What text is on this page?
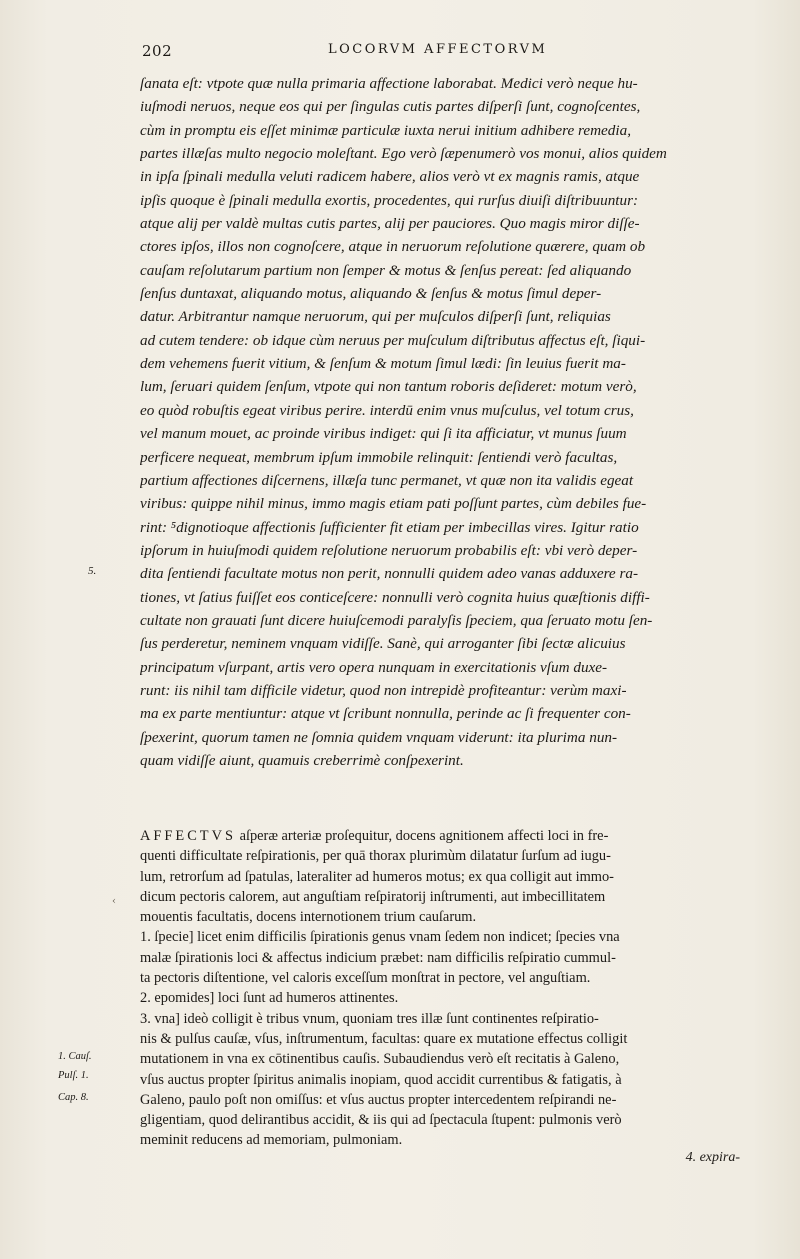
202	LOCORVM AFFECTORVM
ſanata eſt: vtpote quæ nulla primaria affectione laborabat. Medici verò neque hu-
iuſmodi neruos, neque eos qui per ſingulas cutis partes diſperſi ſunt, cognoſcentes,
cùm in promptu eis eſſet minimæ particulæ iuxta nerui initium adhibere remedia,
partes illæſas multo negocio moleſtant. Ego verò ſæpenumerò vos monui, alios quidem
in ipſa ſpinali medulla veluti radicem habere, alios verò vt ex magnis ramis, atque
ipſis quoque è ſpinali medulla exortis, procedentes, qui rurſus diuiſi diſtribuuntur:
atque alij per valdè multas cutis partes, alij per pauciores. Quo magis miror diſſe-
ctores ipſos, illos non cognoſcere, atque in neruorum reſolutione quærere, quam ob
cauſam reſolutarum partium non ſemper & motus & ſenſus pereat: ſed aliquando
ſenſus duntaxat, aliquando motus, aliquando & ſenſus & motus ſimul deper-
datur. Arbitrantur namque neruorum, qui per muſculos diſperſi ſunt, reliquias
ad cutem tendere: ob idque cùm neruus per muſculum diſtributus affectus eſt, ſiqui-
dem vehemens fuerit vitium, & ſenſum & motum ſimul lædi: ſin leuius fuerit ma-
lum, ſeruari quidem ſenſum, vtpote qui non tantum roboris deſideret: motum verò,
eo quòd robuſtis egeat viribus perire. interdū enim vnus muſculus, vel totum crus,
vel manum mouet, ac proinde viribus indiget: qui ſi ita afficiatur, vt munus ſuum
perficere nequeat, membrum ipſum immobile relinquit: ſentiendi verò facultas,
partium affectiones diſcernens, illæſa tunc permanet, vt quæ non ita validis egeat
viribus: quippe nihil minus, immo magis etiam pati poſſunt partes, cùm debiles fue-
rint: ⁵dignotioque affectionis ſufficienter fit etiam per imbecillas vires. Igitur ratio
ipſorum in huiuſmodi quidem reſolutione neruorum probabilis eſt: vbi verò deper-
dita ſentiendi facultate motus non perit, nonnulli quidem adeo vanas adduxere ra-
tiones, vt ſatius fuiſſet eos conticeſcere: nonnulli verò cognita huius quæſtionis diffi-
cultate non grauati ſunt dicere huiuſcemodi paralyſis ſpeciem, qua ſeruato motu ſen-
ſus perderetur, neminem vnquam vidiſſe. Sanè, qui arroganter ſibi ſectæ alicuius
principatum vſurpant, artis vero opera nunquam in exercitationis vſum duxe-
runt: iis nihil tam difficile videtur, quod non intrepidè profiteantur: verùm maxi-
ma ex parte mentiuntur: atque vt ſcribunt nonnulla, perinde ac ſi frequenter con-
ſpexerint, quorum tamen ne ſomnia quidem vnquam viderunt: ita plurima nun-
quam vidiſſe aiunt, quamuis creberrimè conſpexerint.
5.
‹
AFFECTVS aſperæ arteriæ proſequitur, docens agnitionem affecti loci in fre-
quenti difficultate reſpirationis, per quā thorax plurimùm dilatatur ſurſum ad iugu-
lum, retrorſum ad ſpatulas, lateraliter ad humeros motus; ex qua colligit aut immo-
dicum pectoris calorem, aut anguſtiam reſpiratorij inſtrumenti, aut imbecillitatem
mouentis facultatis, docens internotionem trium cauſarum.
1. ſpecie] licet enim difficilis ſpirationis genus vnam ſedem non indicet; ſpecies vna
malæ ſpirationis loci & affectus indicium præbet: nam difficilis reſpiratio cummul-
ta pectoris diſtentione, vel caloris exceſſum monſtrat in pectore, vel anguſtiam.
2. epomides] loci ſunt ad humeros attinentes.
3. vna] ideò colligit è tribus vnum, quoniam tres illæ ſunt continentes reſpiratio-
nis & pulſus cauſæ, vſus, inſtrumentum, facultas: quare ex mutatione effectus colligit
mutationem in vna ex cōtinentibus cauſis. Subaudiendus verò eſt recitatis à Galeno,
vſus auctus propter ſpiritus animalis inopiam, quod accidit currentibus & fatigatis, à
Galeno, paulo poſt non omiſſus: et vſus auctus propter intercedentem reſpirandi ne-
gligentiam, quod delirantibus accidit, & iis qui ad ſpectacula ſtupent: pulmonis verò
meminit reducens ad memoriam, pulmoniam.
1. Cauſ.
Pulſ. 1.
Cap. 8.
4. expira-
